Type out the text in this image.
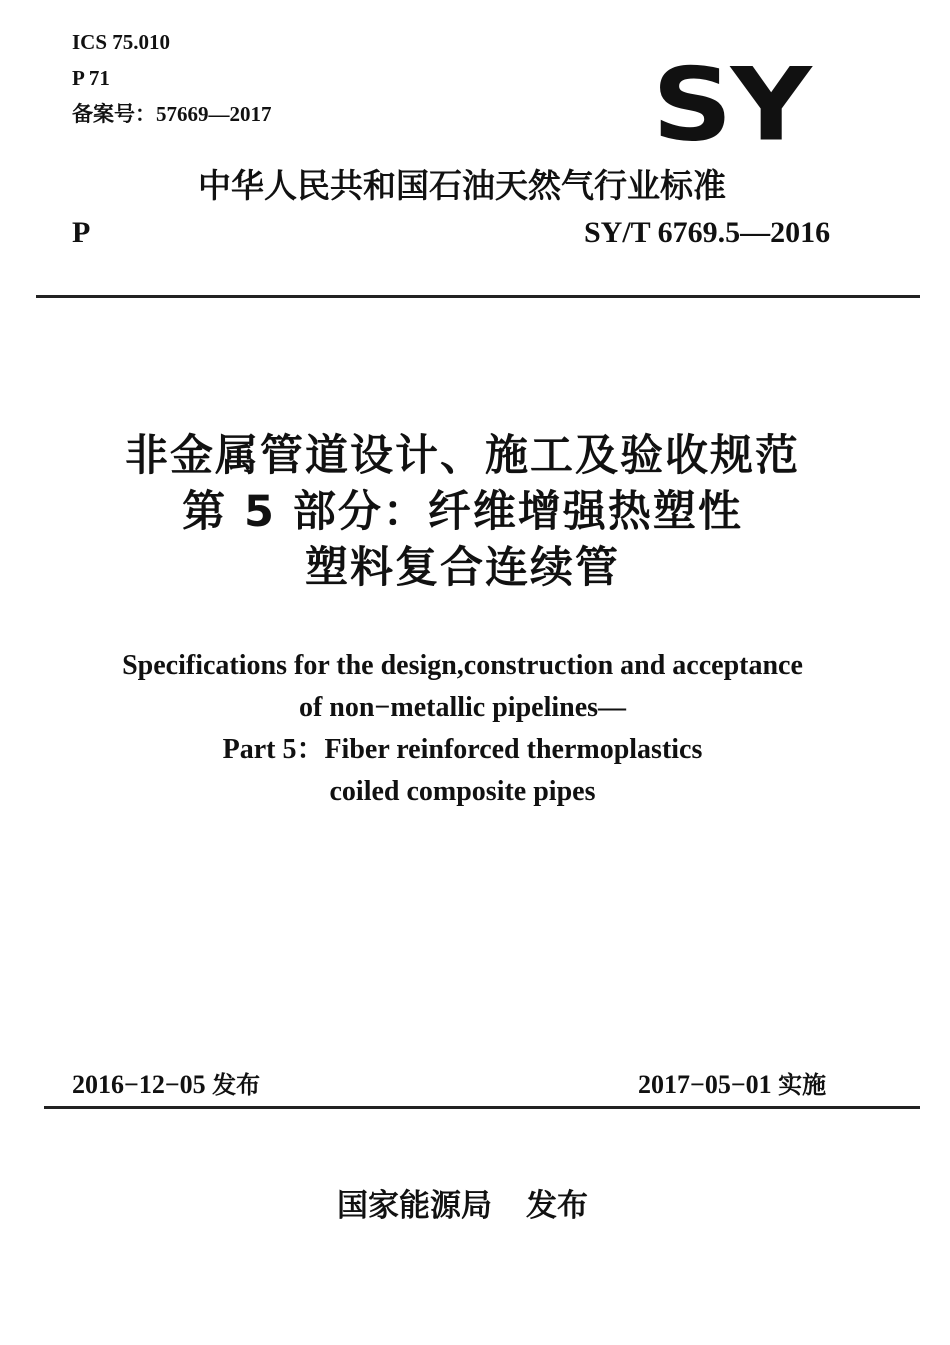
ICS 75.010
P 71
备案号：57669—2017	SY
中华人民共和国石油天然气行业标准
P	SY/T 6769.5—2016
非金属管道设计、施工及验收规范
第 5 部分：纤维增强热塑性
塑料复合连续管
Specifications for the design,construction and acceptance
of non−metallic pipelines—
Part 5：Fiber reinforced thermoplastics
coiled composite pipes
2016−12−05 发布	2017−05−01 实施
国家能源局 发布
